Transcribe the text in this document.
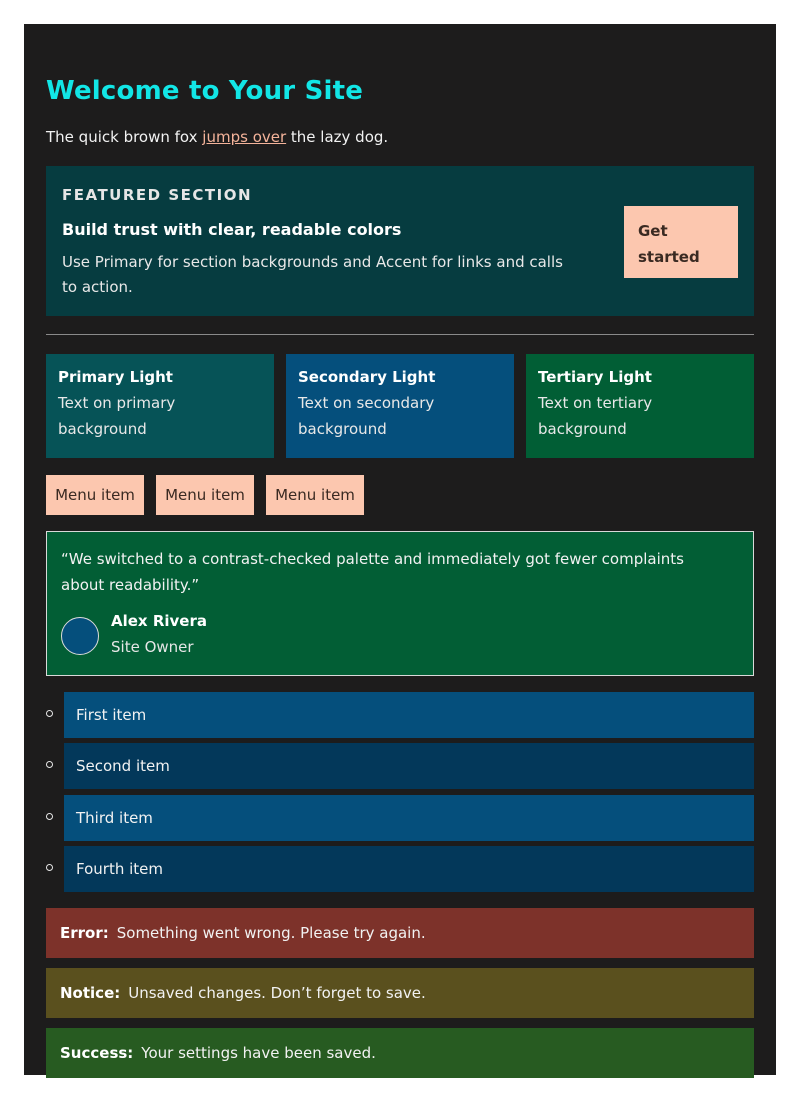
Welcome to Your Site

The quick brown fox jumps over the lazy dog.

FEATURED SECTION
Build trust with clear, readable colors
Use Primary for section backgrounds and Accent for links and calls to action.
Get started
Primary Light
Text on primary background
Secondary Light
Text on secondary background
Tertiary Light
Text on tertiary background
Menu item	Menu item	Menu item
“We switched to a contrast-checked palette and immediately got fewer complaints about readability.”
Alex Rivera
Site Owner
First item
Second item
Third item
Fourth item
Error: Something went wrong. Please try again.
Notice: Unsaved changes. Don’t forget to save.
Success: Your settings have been saved.
